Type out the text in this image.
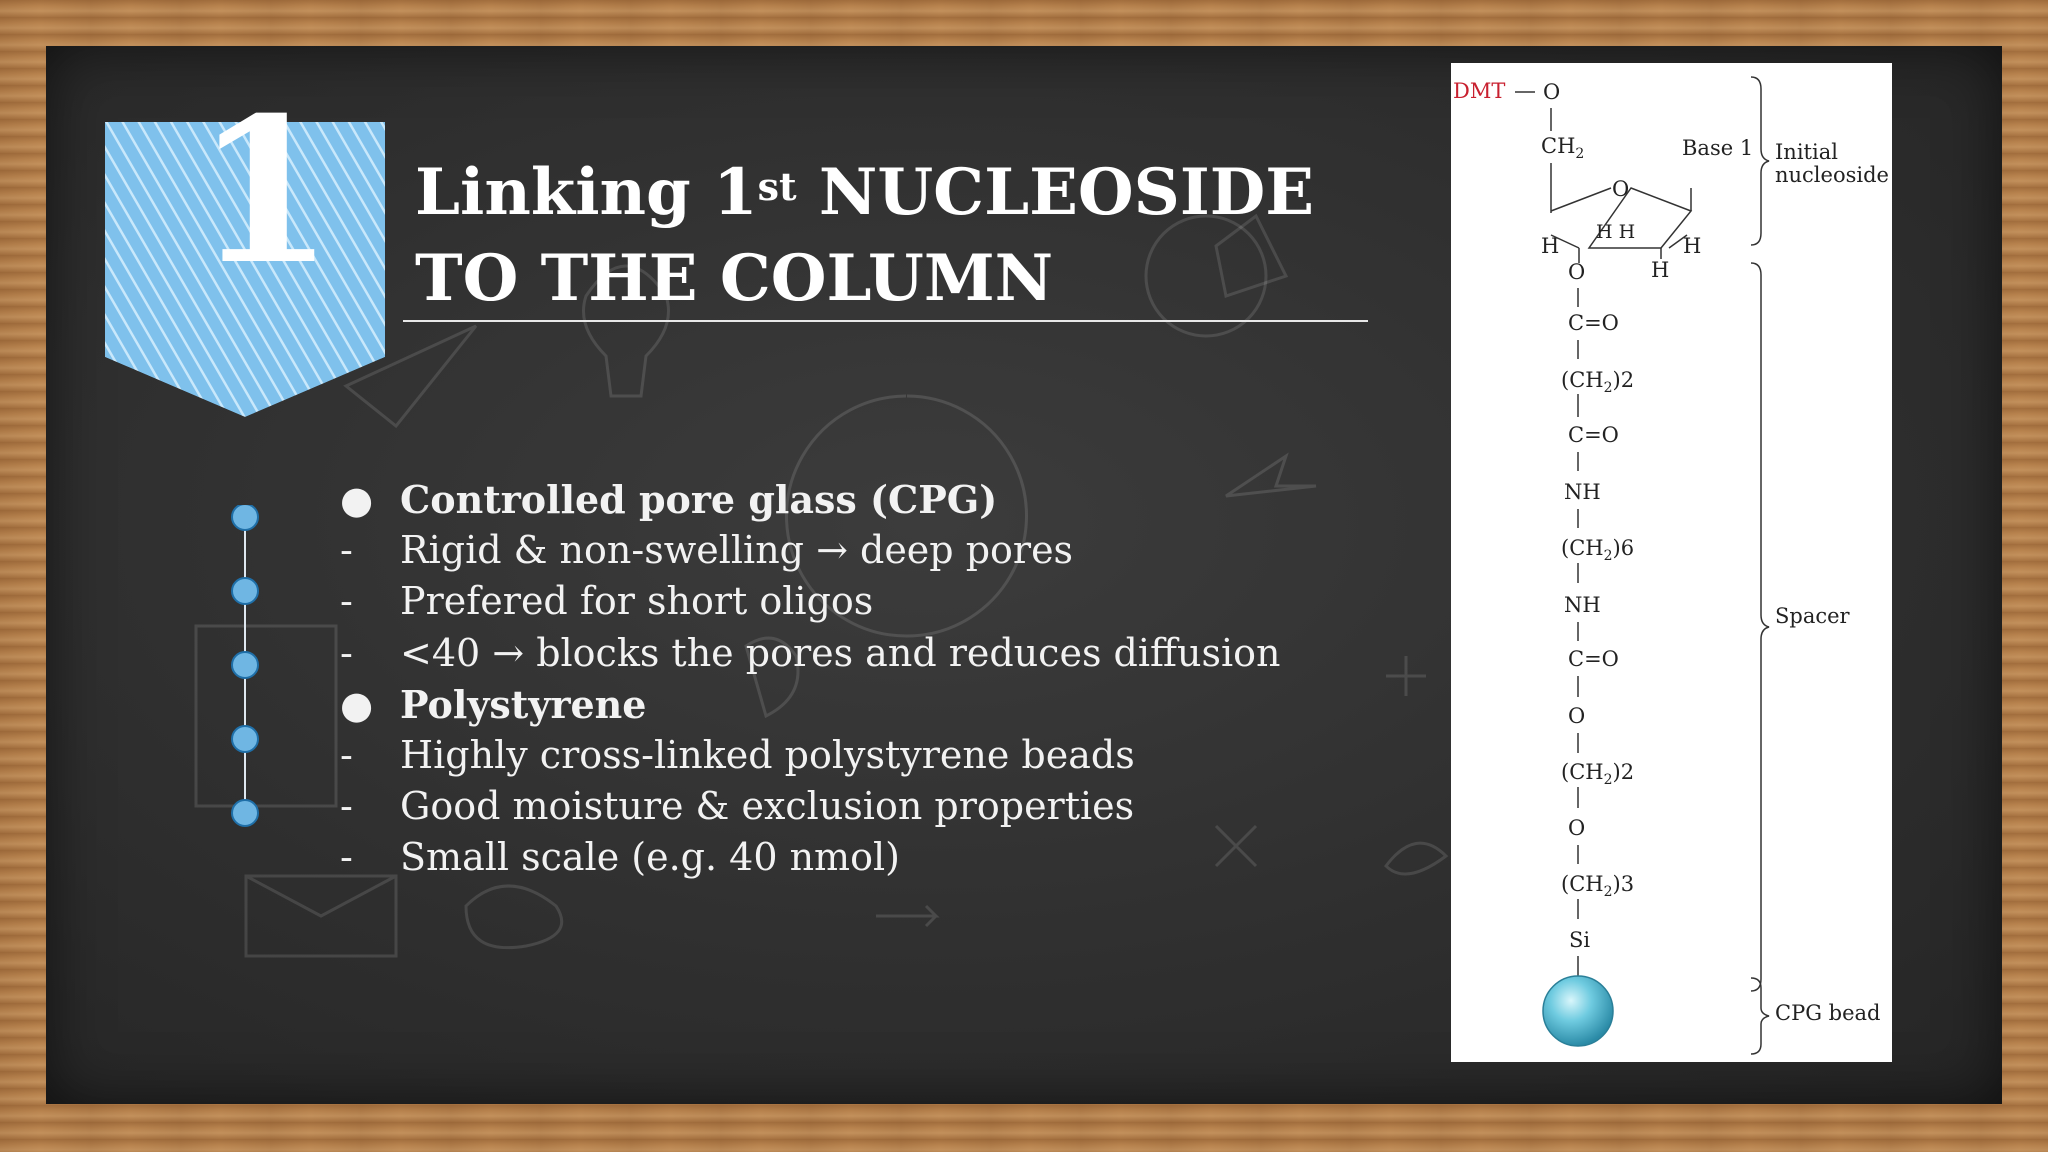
1 Linking 1st NUCLEOSIDE
TO THE COLUMN
● Controlled pore glass (CPG)
-	Rigid & non-swelling → deep pores
-	Prefered for short oligos
-	<40 → blocks the pores and reduces diffusion
● Polystyrene
-	Highly cross-linked polystyrene beads
-	Good moisture & exclusion properties
-	Small scale (e.g. 40 nmol)
DMT O
$CH_2$	Base 1
O
H H
H	H
H
O
C=O
$(CH_2)2$
C=O
NH
$(CH_2)6$
NH
C=O
O
$(CH_2)2$
O
$(CH_2)3$
Si
Initial
nucleoside
Spacer
CPG bead
